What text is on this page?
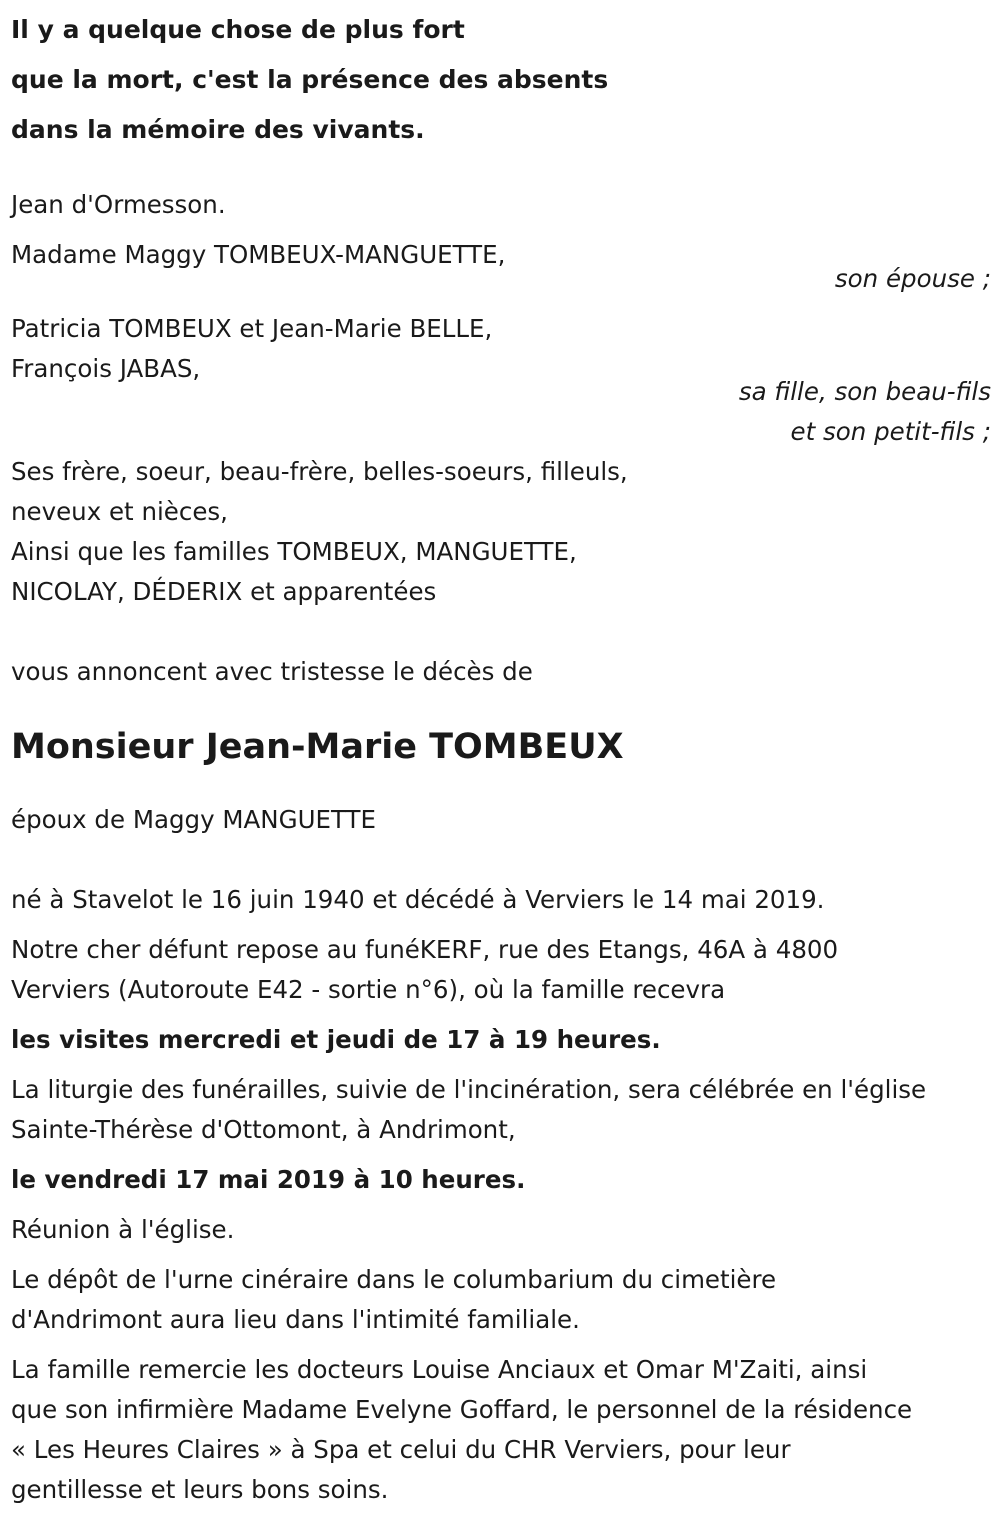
Il y a quelque chose de plus fort
que la mort, c'est la présence des absents
dans la mémoire des vivants.
Jean d'Ormesson.
Madame Maggy TOMBEUX-MANGUETTE,
son épouse ;
Patricia TOMBEUX et Jean-Marie BELLE,
François JABAS,
sa fille, son beau-fils
et son petit-fils ;
Ses frère, soeur, beau-frère, belles-soeurs, filleuls,
neveux et nièces,
Ainsi que les familles TOMBEUX, MANGUETTE,
NICOLAY, DÉDERIX et apparentées
vous annoncent avec tristesse le décès de
Monsieur Jean-Marie TOMBEUX
époux de Maggy MANGUETTE
né à Stavelot le 16 juin 1940 et décédé à Verviers le 14 mai 2019.
Notre cher défunt repose au funéKERF, rue des Etangs, 46A à 4800
Verviers (Autoroute E42 - sortie n°6), où la famille recevra
les visites mercredi et jeudi de 17 à 19 heures.
La liturgie des funérailles, suivie de l'incinération, sera célébrée en l'église
Sainte-Thérèse d'Ottomont, à Andrimont,
le vendredi 17 mai 2019 à 10 heures.
Réunion à l'église.
Le dépôt de l'urne cinéraire dans le columbarium du cimetière
d'Andrimont aura lieu dans l'intimité familiale.
La famille remercie les docteurs Louise Anciaux et Omar M'Zaiti, ainsi
que son infirmière Madame Evelyne Goffard, le personnel de la résidence
« Les Heures Claires » à Spa et celui du CHR Verviers, pour leur
gentillesse et leurs bons soins.
